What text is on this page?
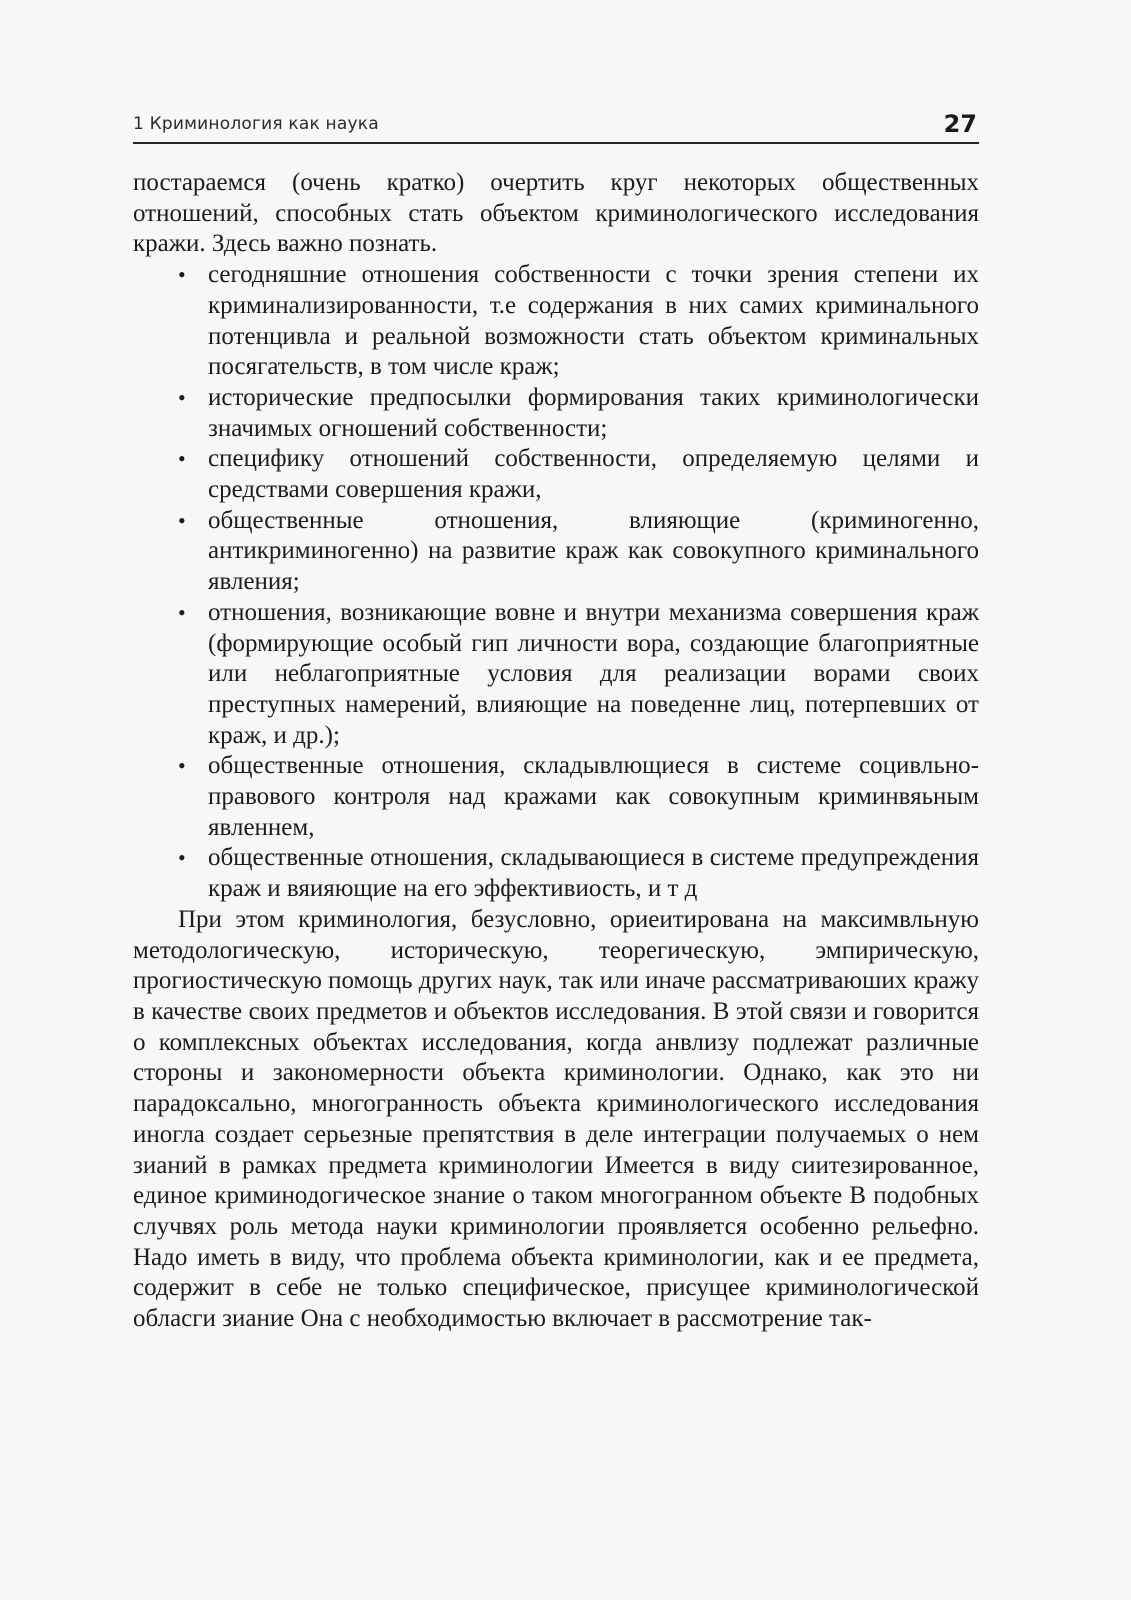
1 Криминология как наука	27

постараемся (очень кратко) очертить круг некоторых общественных отношений, способных стать объектом криминологического исследования кражи. Здесь важно познать.

• сегодняшние отношения собственности с точки зрения степени их криминализированности, т.е содержания в них самих криминального потенцивла и реальной возможности стать объектом криминальных посягательств, в том числе краж;
• исторические предпосылки формирования таких криминологически значимых огношений собственности;
• специфику отношений собственности, определяемую целями и средствами совершения кражи,
• общественные отношения, влияющие (криминогенно, антикриминогенно) на развитие краж как совокупного криминального явления;
• отношения, возникающие вовне и внутри механизма совершения краж (формирующие особый гип личности вора, создающие благоприятные или неблагоприятные условия для реализации ворами своих преступных намерений, влияющие на поведенне лиц, потерпевших от краж, и др.);
• общественные отношения, складывлющиеся в системе социвльно-правового контроля над кражами как совокупным криминвяьным явленнем,
• общественные отношения, складывающиеся в системе предупреждения краж и вяияющие на его эффективиость, и т д

При этом криминология, безусловно, ориеитирована на максимвльную методологическую, историческую, теорегическую, эмпирическую, прогиостическую помощь других наук, так или иначе рассматриваюших кражу в качестве своих предметов и объектов исследования. В этой связи и говорится о комплексных объектах исследования, когда анвлизу подлежат различные стороны и закономерности объекта криминологии. Однако, как это ни парадоксально, многогранность объекта криминологического исследования иногла создает серьезные препятствия в деле интеграции получаемых о нем зианий в рамках предмета криминологии Имеется в виду сиитезированное, единое криминодогическое знание о таком многогранном объекте В подобных случвях роль метода науки криминологии проявляется особенно рельефно. Надо иметь в виду, что проблема объекта криминологии, как и ее предмета, содержит в себе не только специфическое, присущее криминологической облаcги зиание Она с необходимостью включает в рассмотрение так-
